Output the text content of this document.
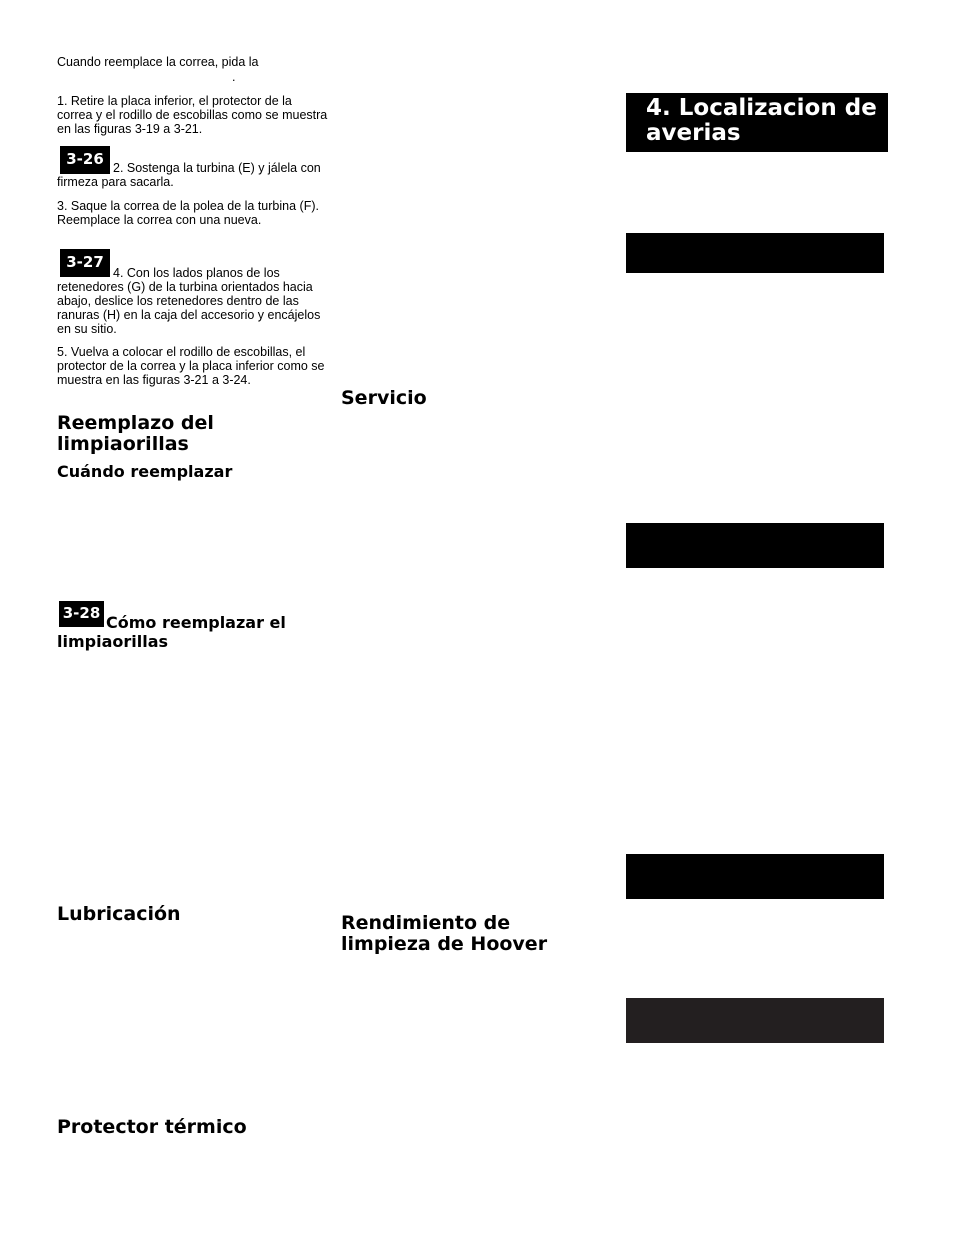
Cuando reemplace la correa, pida la
.
1. Retire la placa inferior, el protector de la correa y el rodillo de escobillas como se muestra en las figuras 3-19 a 3-21.
3-26 2. Sostenga la turbina (E) y jálela con firmeza para sacarla.
3. Saque la correa de la polea de la turbina (F). Reemplace la correa con una nueva.
3-27
4. Con los lados planos de los retenedores (G) de la turbina orientados hacia abajo, deslice los retenedores dentro de las ranuras (H) en la caja del accesorio y encájelos en su sitio.
5. Vuelva a colocar el rodillo de escobillas, el protector de la correa y la placa inferior como se muestra en las figuras 3-21 a 3-24.
Reemplazo del limpiaorillas
Cuándo reemplazar
3-28 Cómo reemplazar el limpiaorillas
Lubricación
Protector térmico
Servicio
Rendimiento de limpieza de Hoover
4. Localizacion de averias
